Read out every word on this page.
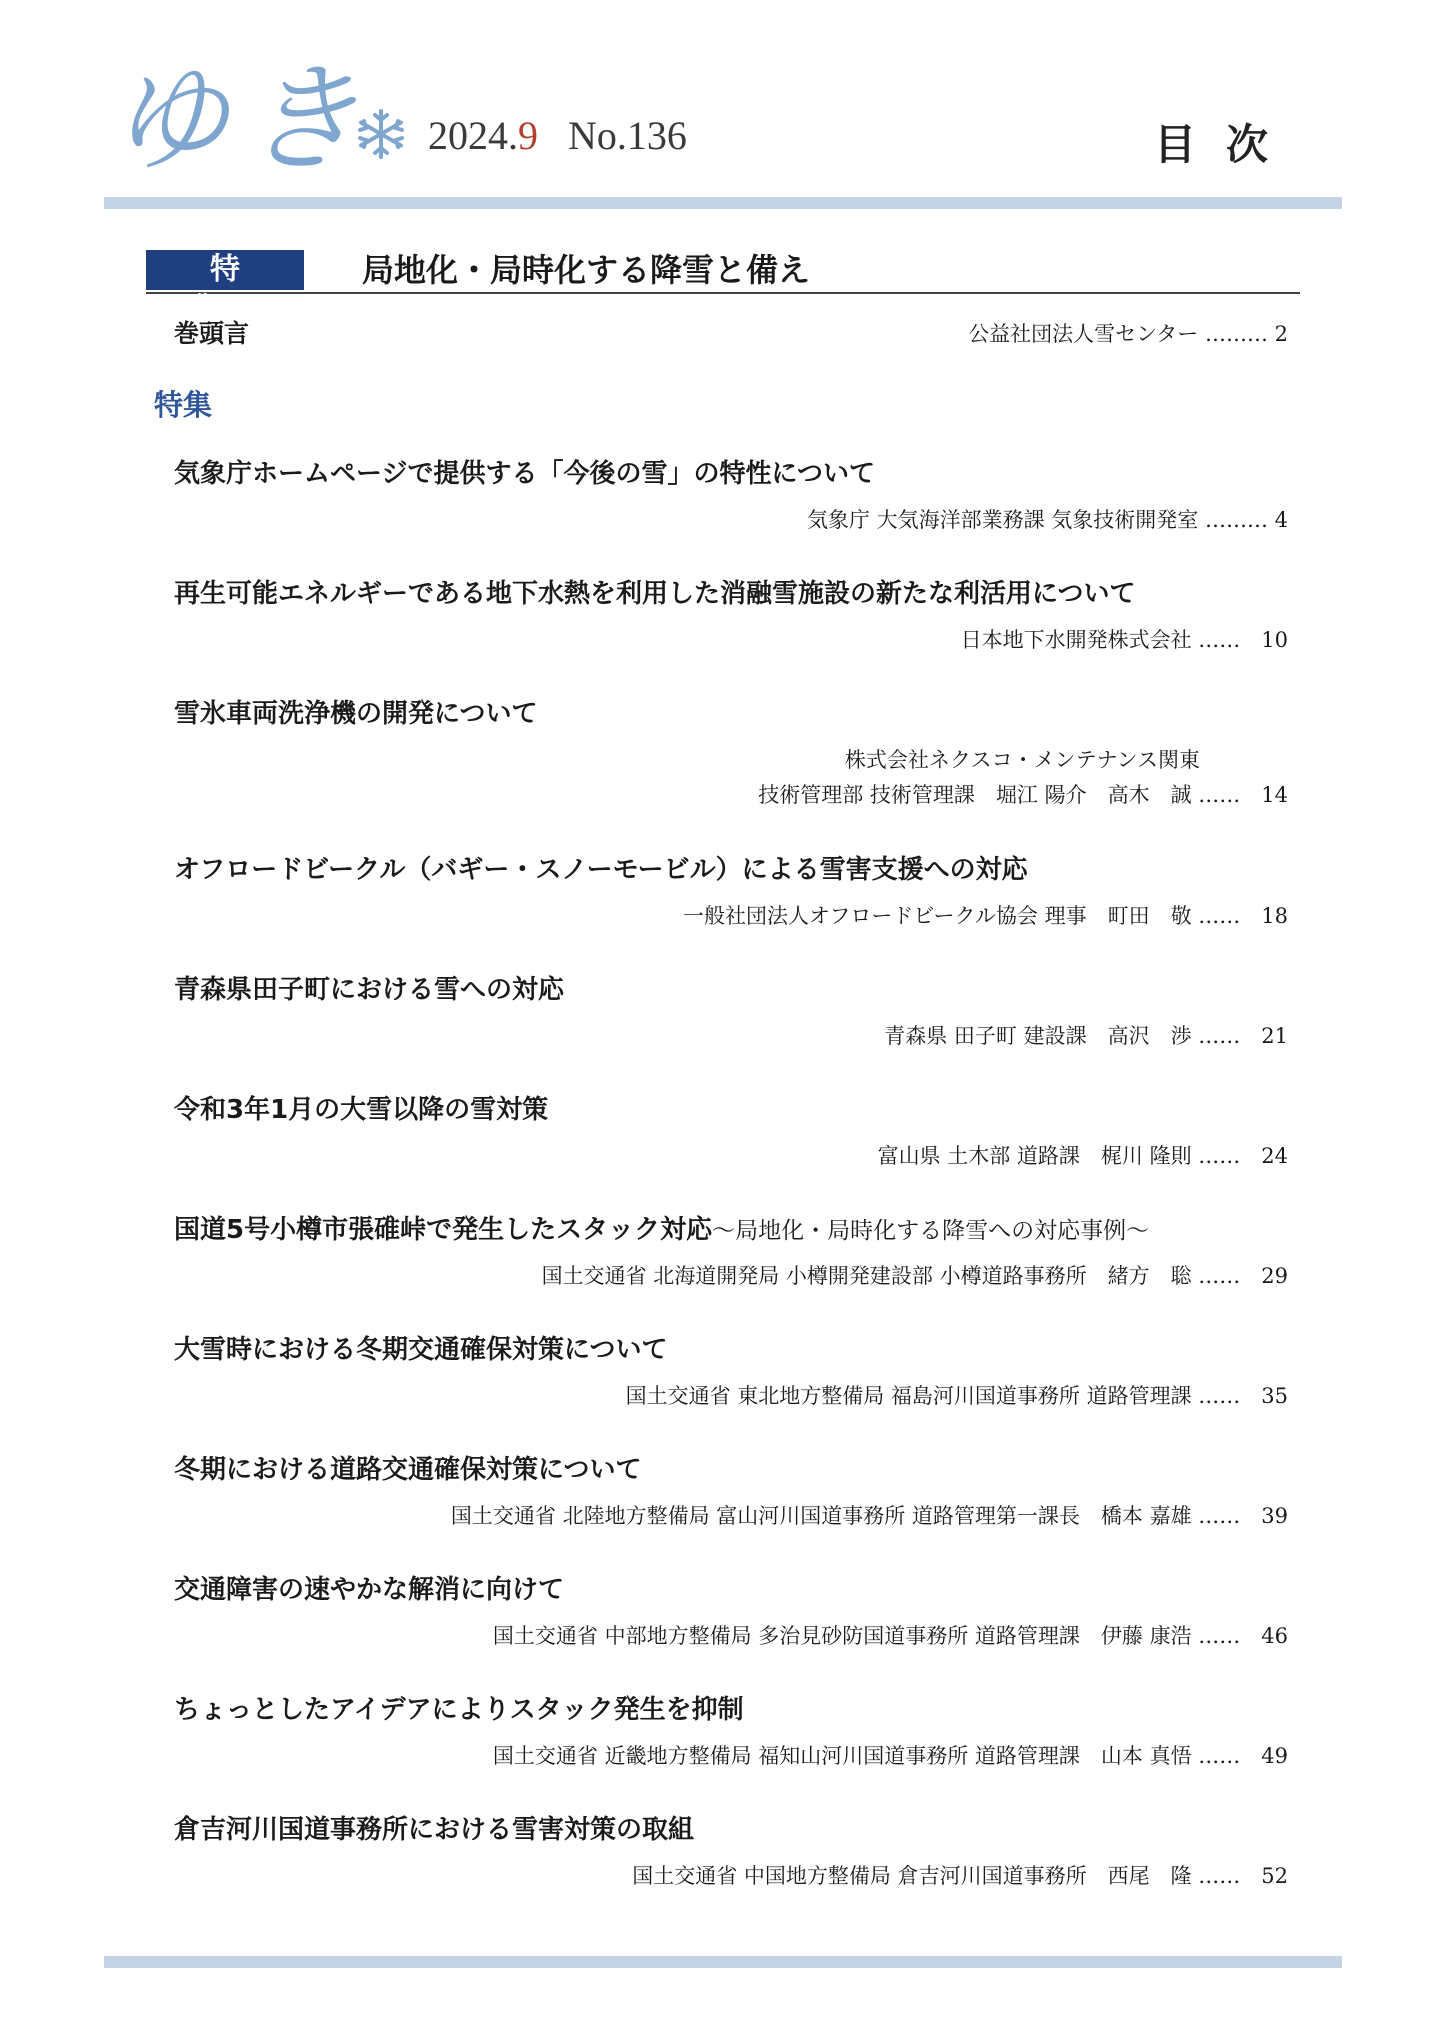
ゆき 2024.9 No.136	目次
特集
局地化・局時化する降雪と備え
巻頭言	公益社団法人雪センター ……… 2
特集
気象庁ホームページで提供する「今後の雪」の特性について
気象庁 大気海洋部業務課 気象技術開発室 ……… 4
再生可能エネルギーである地下水熱を利用した消融雪施設の新たな利活用について
日本地下水開発株式会社 ……　10
雪氷車両洗浄機の開発について
株式会社ネクスコ・メンテナンス関東
技術管理部 技術管理課　堀江 陽介　高木　誠 ……　14
オフロードビークル（バギー・スノーモービル）による雪害支援への対応
一般社団法人オフロードビークル協会 理事　町田　敬 ……　18
青森県田子町における雪への対応
青森県 田子町 建設課　高沢　渉 ……　21
令和3年1月の大雪以降の雪対策
富山県 土木部 道路課　梶川 隆則 ……　24
国道5号小樽市張碓峠で発生したスタック対応〜局地化・局時化する降雪への対応事例〜
国土交通省 北海道開発局 小樽開発建設部 小樽道路事務所　緒方　聡 ……　29
大雪時における冬期交通確保対策について
国土交通省 東北地方整備局 福島河川国道事務所 道路管理課 ……　35
冬期における道路交通確保対策について
国土交通省 北陸地方整備局 富山河川国道事務所 道路管理第一課長　橋本 嘉雄 ……　39
交通障害の速やかな解消に向けて
国土交通省 中部地方整備局 多治見砂防国道事務所 道路管理課　伊藤 康浩 ……　46
ちょっとしたアイデアによりスタック発生を抑制
国土交通省 近畿地方整備局 福知山河川国道事務所 道路管理課　山本 真悟 ……　49
倉吉河川国道事務所における雪害対策の取組
国土交通省 中国地方整備局 倉吉河川国道事務所　西尾　隆 ……　52
